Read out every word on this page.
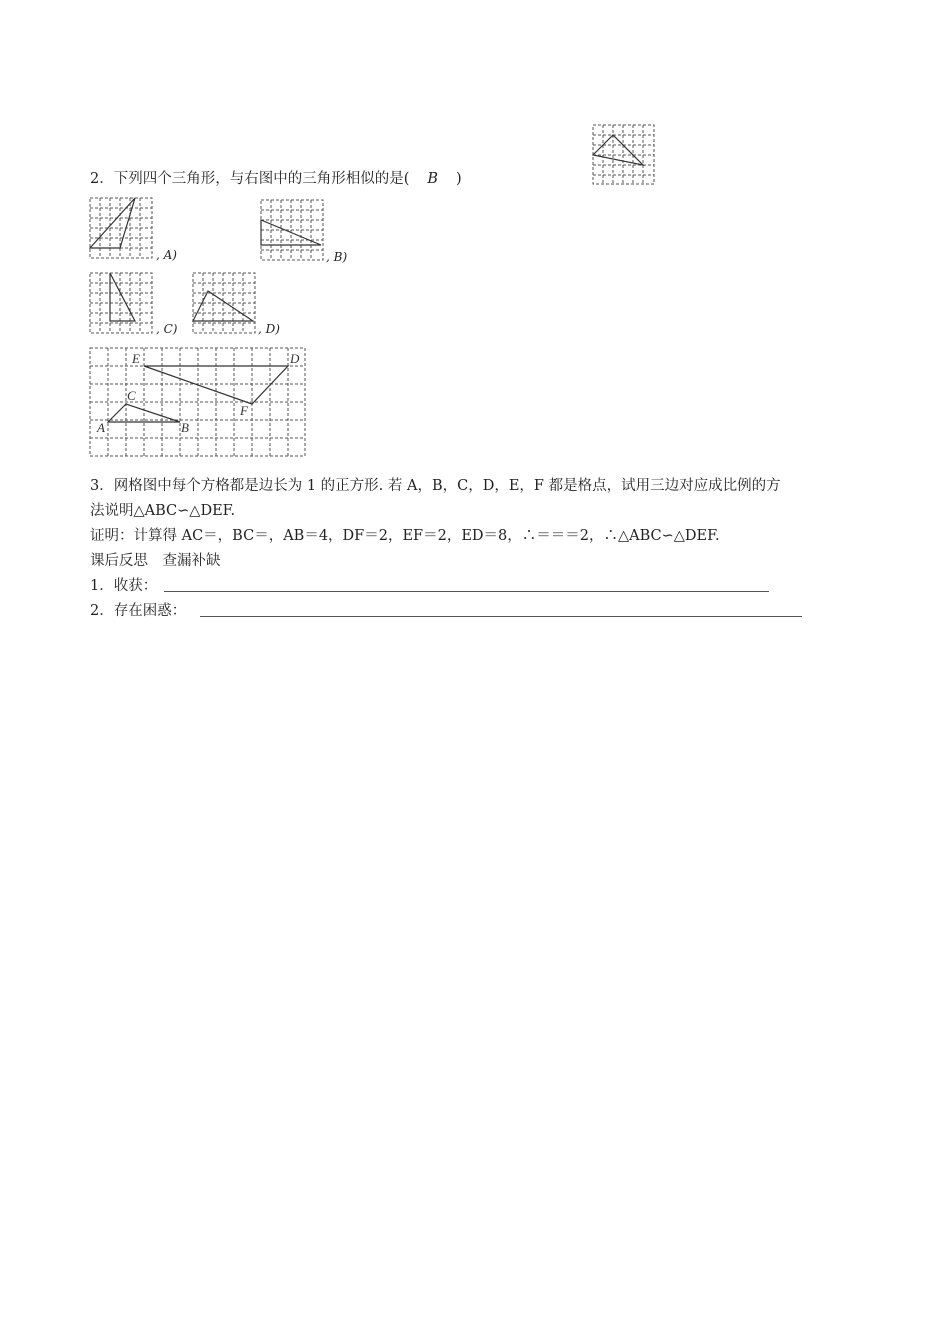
2．下列四个三角形，与右图中的三角形相似的是( B )
, A)	, B)
, C)	, D)
A	B
C
D
E
F
3．网格图中每个方格都是边长为 1 的正方形. 若 A，B，C，D，E，F 都是格点，试用三边对应成比例的方
法说明△ABC∽△DEF.
证明：计算得 AC＝，BC＝，AB＝4，DF＝2，EF＝2，ED＝8，∴＝＝＝2，∴△ABC∽△DEF.
课后反思　查漏补缺
1．收获：
2．存在困惑：
